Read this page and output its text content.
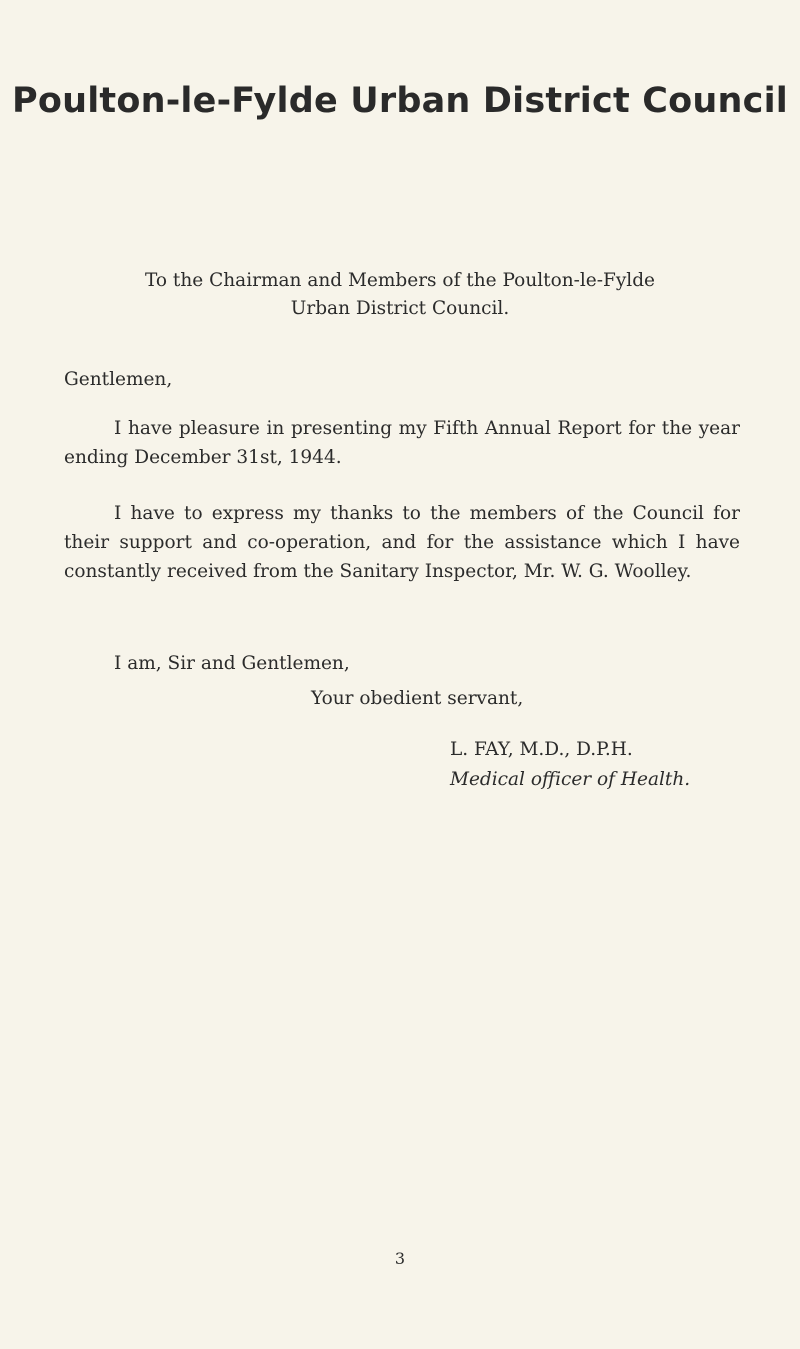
Poulton-le-Fylde Urban District Council
To the Chairman and Members of the Poulton-le-Fylde
Urban District Council.
Gentlemen,
I have pleasure in presenting my Fifth Annual Report for the year ending December 31st, 1944.
I have to express my thanks to the members of the Council for their support and co-operation, and for the assistance which I have constantly received from the Sanitary Inspector, Mr. W. G. Woolley.
I am, Sir and Gentlemen,
Your obedient servant,
L. FAY, M.D., D.P.H.
Medical officer of Health.
3
